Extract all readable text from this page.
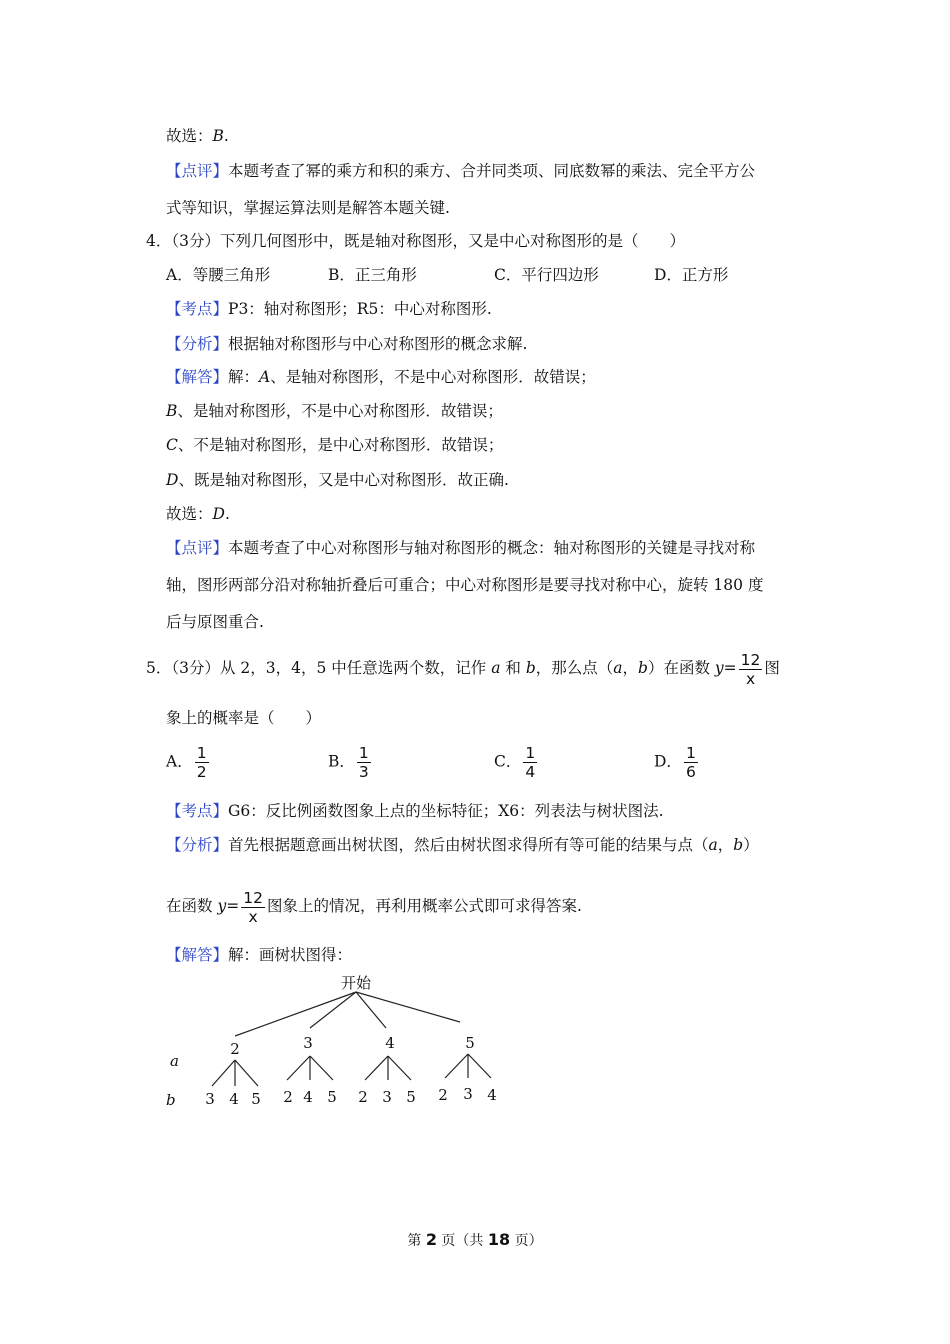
故选：B.
【点评】本题考查了幂的乘方和积的乘方、合并同类项、同底数幂的乘法、完全平方公
式等知识，掌握运算法则是解答本题关键.
4．（3分）下列几何图形中，既是轴对称图形，又是中心对称图形的是（　　）
A．等腰三角形	B．正三角形	C．平行四边形	D．正方形
【考点】P3：轴对称图形；R5：中心对称图形.
【分析】根据轴对称图形与中心对称图形的概念求解.
【解答】解：A、是轴对称图形，不是中心对称图形．故错误；
B、是轴对称图形，不是中心对称图形．故错误；
C、不是轴对称图形，是中心对称图形．故错误；
D、既是轴对称图形，又是中心对称图形．故正确.
故选：D.
【点评】本题考查了中心对称图形与轴对称图形的概念：轴对称图形的关键是寻找对称
轴，图形两部分沿对称轴折叠后可重合；中心对称图形是要寻找对称中心，旋转 180 度
后与原图重合.
5．（3分）从 2，3，4，5 中任意选两个数，记作 a 和 b，那么点（a，b）在函数 $y= \frac{12}{x}$ 图
象上的概率是（　　）
A． $\frac{1}{2}$	B． $\frac{1}{3}$	C． $\frac{1}{4}$	D． $\frac{1}{6}$
【考点】G6：反比例函数图象上点的坐标特征；X6：列表法与树状图法.
【分析】首先根据题意画出树状图，然后由树状图求得所有等可能的结果与点（a，b）
在函数 $y= \frac{12}{x}$ 图象上的情况，再利用概率公式即可求得答案.
【解答】解：画树状图得：
开始
a
b
2
3 4 5
3
2 4 5
4
2 3 5
5
2 3 4
第 2 页（共 18 页）
